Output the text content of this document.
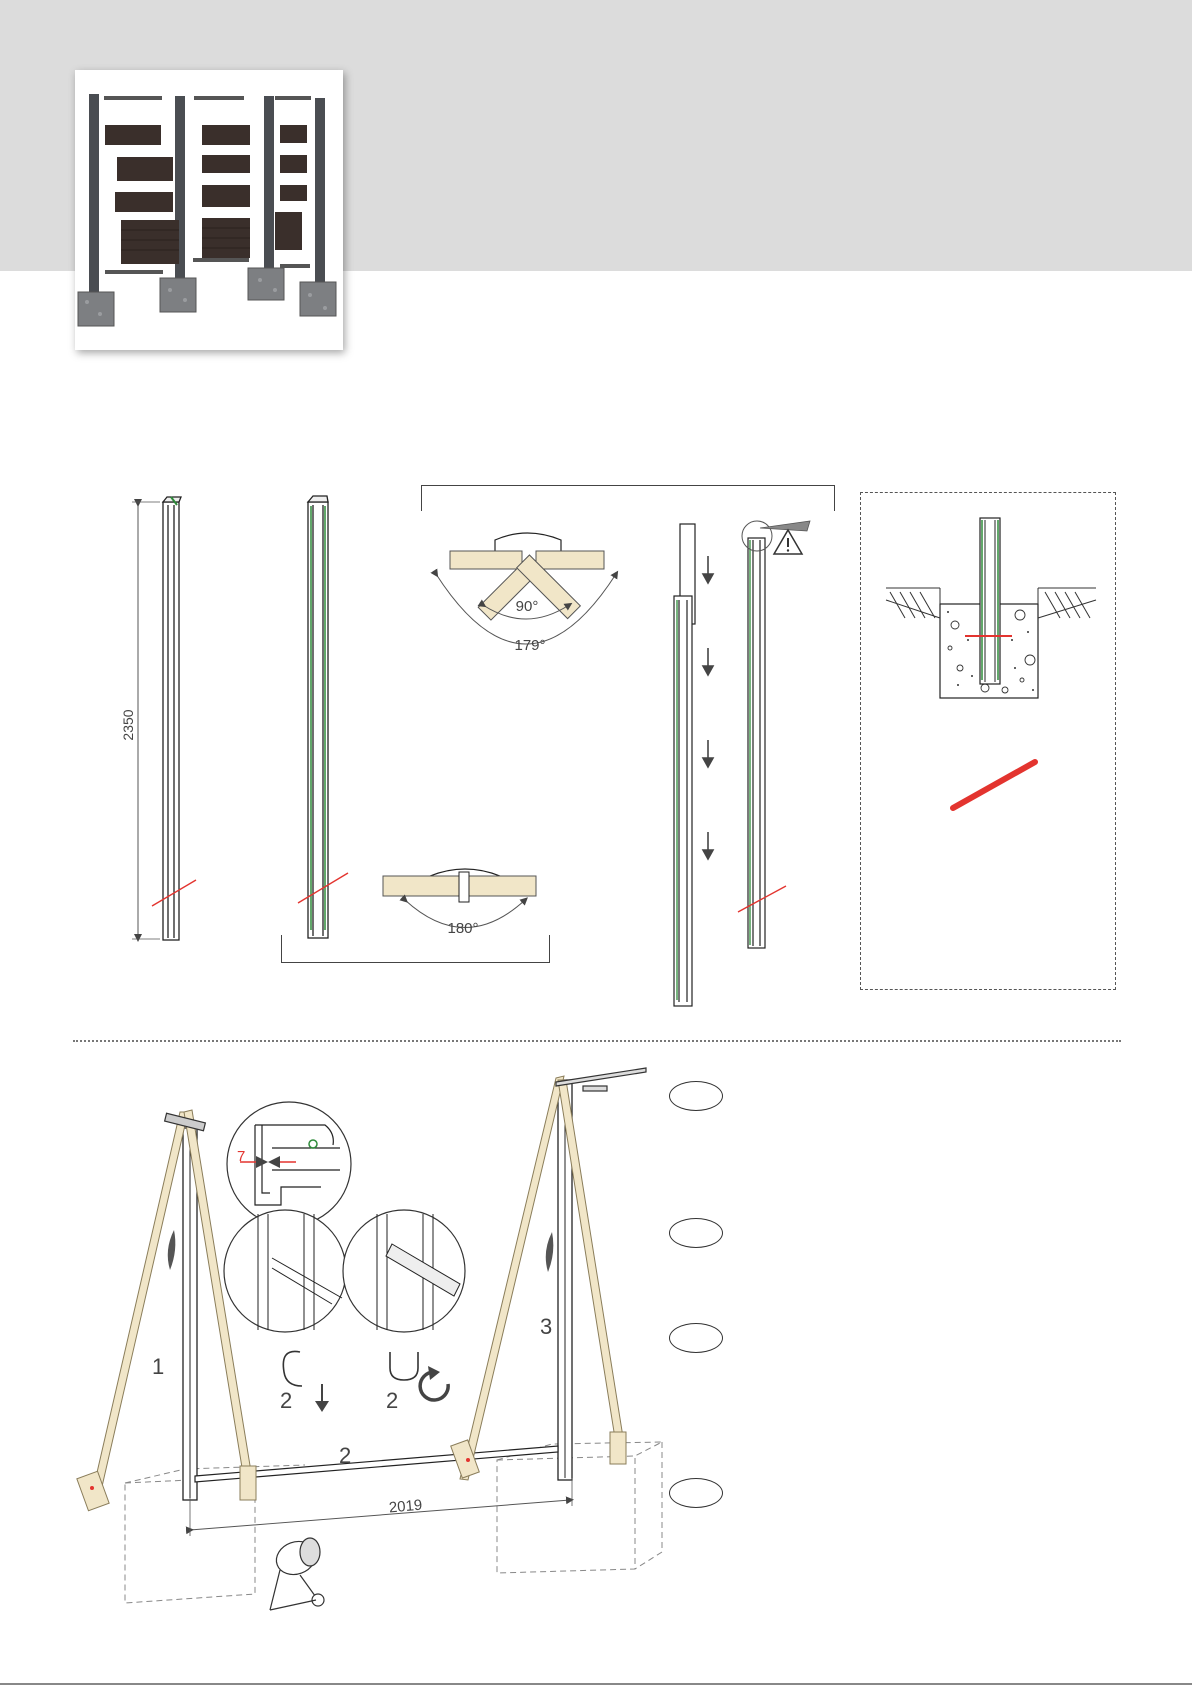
2350
90°
179°
180°
1
3
2
2	2
2019
7
